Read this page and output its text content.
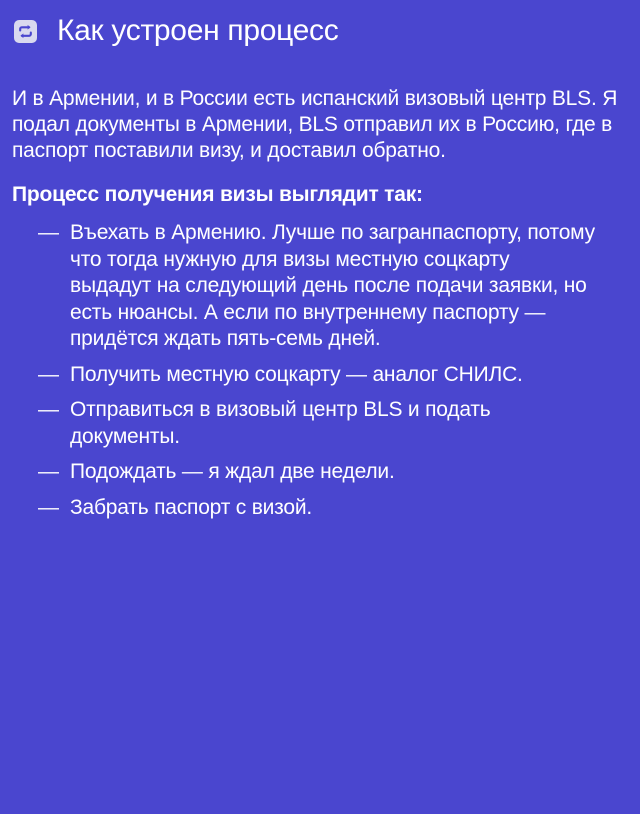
Как устроен процесс

И в Армении, и в России есть испанский визовый центр BLS. Я подал документы в Армении, BLS отправил их в Россию, где в паспорт поставили визу, и доставил обратно.

Процесс получения визы выглядит так:

— Въехать в Армению. Лучше по загранпаспорту, потому что тогда нужную для визы местную соцкарту выдадут на следующий день после подачи заявки, но есть нюансы. А если по внутреннему паспорту — придётся ждать пять-семь дней.
— Получить местную соцкарту — аналог СНИЛС.
— Отправиться в визовый центр BLS и подать документы.
— Подождать — я ждал две недели.
— Забрать паспорт с визой.
